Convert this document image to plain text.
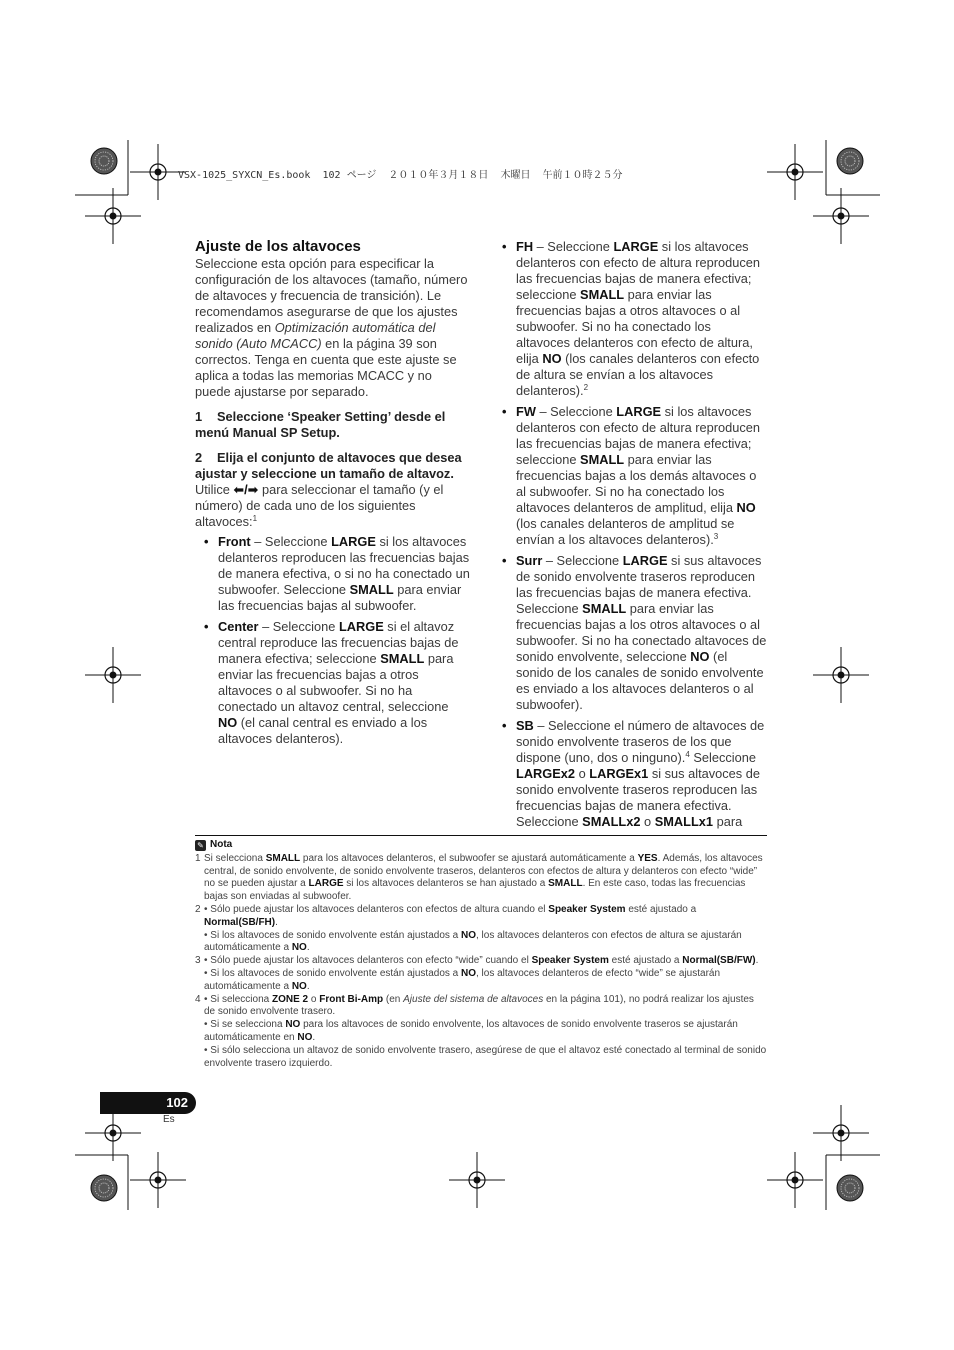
VSX-1025_SYXCN_Es.book  102 ページ  ２０１０年３月１８日  木曜日  午前１０時２５分

Ajuste de los altavoces

Seleccione esta opción para especificar la configuración de los altavoces (tamaño, número de altavoces y frecuencia de transición). Le recomendamos asegurarse de que los ajustes realizados en Optimización automática del sonido (Auto MCACC) en la página 39 son correctos. Tenga en cuenta que este ajuste se aplica a todas las memorias MCACC y no puede ajustarse por separado.

1 Seleccione ‘Speaker Setting’ desde el menú Manual SP Setup.

2 Elija el conjunto de altavoces que desea ajustar y seleccione un tamaño de altavoz.

Utilice ⬅/➡ para seleccionar el tamaño (y el número) de cada uno de los siguientes altavoces:$^1$

• Front – Seleccione LARGE si los altavoces delanteros reproducen las frecuencias bajas de manera efectiva, o si no ha conectado un subwoofer. Seleccione SMALL para enviar las frecuencias bajas al subwoofer.
• Center – Seleccione LARGE si el altavoz central reproduce las frecuencias bajas de manera efectiva; seleccione SMALL para enviar las frecuencias bajas a otros altavoces o al subwoofer. Si no ha conectado un altavoz central, seleccione NO (el canal central es enviado a los altavoces delanteros).
• FH – Seleccione LARGE si los altavoces delanteros con efecto de altura reproducen las frecuencias bajas de manera efectiva; seleccione SMALL para enviar las frecuencias bajas a otros altavoces o al subwoofer. Si no ha conectado los altavoces delanteros con efecto de altura, elija NO (los canales delanteros con efecto de altura se envían a los altavoces delanteros).$^2$
• FW – Seleccione LARGE si los altavoces delanteros con efecto de altura reproducen las frecuencias bajas de manera efectiva; seleccione SMALL para enviar las frecuencias bajas a los demás altavoces o al subwoofer. Si no ha conectado los altavoces delanteros de amplitud, elija NO (los canales delanteros de amplitud se envían a los altavoces delanteros).$^3$
• Surr – Seleccione LARGE si sus altavoces de sonido envolvente traseros reproducen las frecuencias bajas de manera efectiva. Seleccione SMALL para enviar las frecuencias bajas a los otros altavoces o al subwoofer. Si no ha conectado altavoces de sonido envolvente, seleccione NO (el sonido de los canales de sonido envolvente es enviado a los altavoces delanteros o al subwoofer).
• SB – Seleccione el número de altavoces de sonido envolvente traseros de los que dispone (uno, dos o ninguno).$^4$ Seleccione LARGEx2 o LARGEx1 si sus altavoces de sonido envolvente traseros reproducen las frecuencias bajas de manera efectiva. Seleccione SMALLx2 o SMALLx1 para
✎ Nota
1 Si selecciona SMALL para los altavoces delanteros, el subwoofer se ajustará automáticamente a YES. Además, los altavoces central, de sonido envolvente, de sonido envolvente traseros, delanteros con efectos de altura y delanteros con efecto “wide” no se pueden ajustar a LARGE si los altavoces delanteros se han ajustado a SMALL. En este caso, todas las frecuencias bajas son enviadas al subwoofer.
2 • Sólo puede ajustar los altavoces delanteros con efectos de altura cuando el Speaker System esté ajustado a Normal(SB/FH).
• Si los altavoces de sonido envolvente están ajustados a NO, los altavoces delanteros con efectos de altura se ajustarán automáticamente a NO.
3 • Sólo puede ajustar los altavoces delanteros con efecto “wide” cuando el Speaker System esté ajustado a Normal(SB/FW).
• Si los altavoces de sonido envolvente están ajustados a NO, los altavoces delanteros de efecto “wide” se ajustarán automáticamente a NO.
4 • Si selecciona ZONE 2 o Front Bi-Amp (en Ajuste del sistema de altavoces en la página 101), no podrá realizar los ajustes de sonido envolvente trasero.
• Si se selecciona NO para los altavoces de sonido envolvente, los altavoces de sonido envolvente traseros se ajustarán automáticamente en NO.
• Si sólo selecciona un altavoz de sonido envolvente trasero, asegúrese de que el altavoz esté conectado al terminal de sonido envolvente trasero izquierdo.
102
Es
